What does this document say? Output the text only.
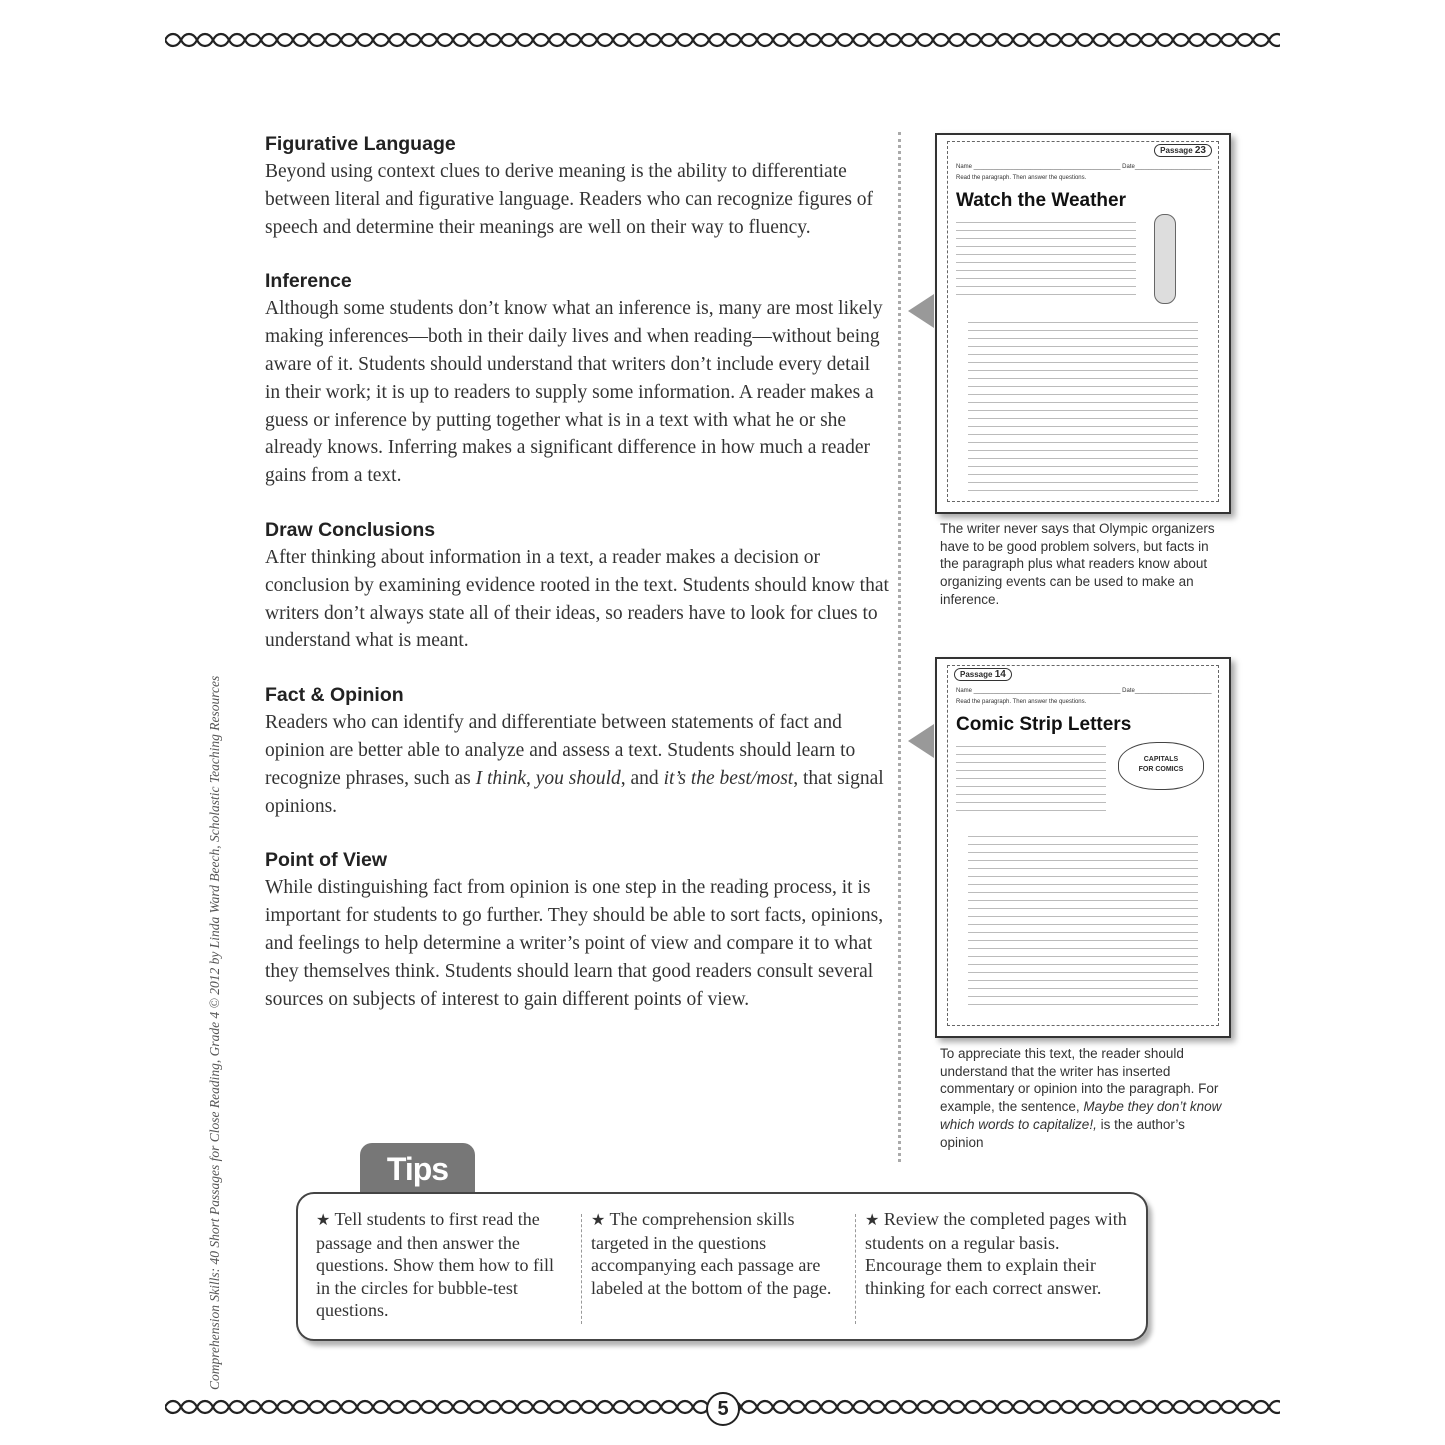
5
Comprehension Skills: 40 Short Passages for Close Reading, Grade 4 © 2012 by Linda Ward Beech, Scholastic Teaching Resources
Figurative Language

Beyond using context clues to derive meaning is the ability to differentiate between literal and figurative language. Readers who can recognize figures of speech and determine their meanings are well on their way to fluency.

Inference

Although some students don’t know what an inference is, many are most likely making inferences—both in their daily lives and when reading—without being aware of it. Students should understand that writers don’t include every detail in their work; it is up to readers to supply some information. A reader makes a guess or inference by putting together what is in a text with what he or she already knows. Inferring makes a significant difference in how much a reader gains from a text.

Draw Conclusions

After thinking about information in a text, a reader makes a decision or conclusion by examining evidence rooted in the text. Students should know that writers don’t always state all of their ideas, so readers have to look for clues to understand what is meant.

Fact & Opinion

Readers who can identify and differentiate between statements of fact and opinion are better able to analyze and assess a text. Students should learn to recognize phrases, such as I think, you should, and it’s the best/most, that signal opinions.

Point of View

While distinguishing fact from opinion is one step in the reading process, it is important for students to go further. They should be able to sort facts, opinions, and feelings to help determine a writer’s point of view and compare it to what they themselves think. Students should learn that good readers consult several sources on subjects of interest to gain different points of view.

Passage 23
Name ____________________________________________ Date_______________________
Read the paragraph. Then answer the questions.
Watch the Weather

The writer never says that Olympic organizers have to be good problem solvers, but facts in the paragraph plus what readers know about organizing events can be used to make an inference.

Passage 14
Name ____________________________________________ Date_______________________
Read the paragraph. Then answer the questions.
Comic Strip Letters
CAPITALS FOR COMICS

To appreciate this text, the reader should understand that the writer has inserted commentary or opinion into the paragraph. For example, the sentence, Maybe they don’t know which words to capitalize!, is the author’s opinion

Tips
★ Tell students to first read the passage and then answer the questions. Show them how to fill in the circles for bubble-test questions.
★ The comprehension skills targeted in the questions accompanying each passage are labeled at the bottom of the page.
★ Review the completed pages with students on a regular basis. Encourage them to explain their thinking for each correct answer.
